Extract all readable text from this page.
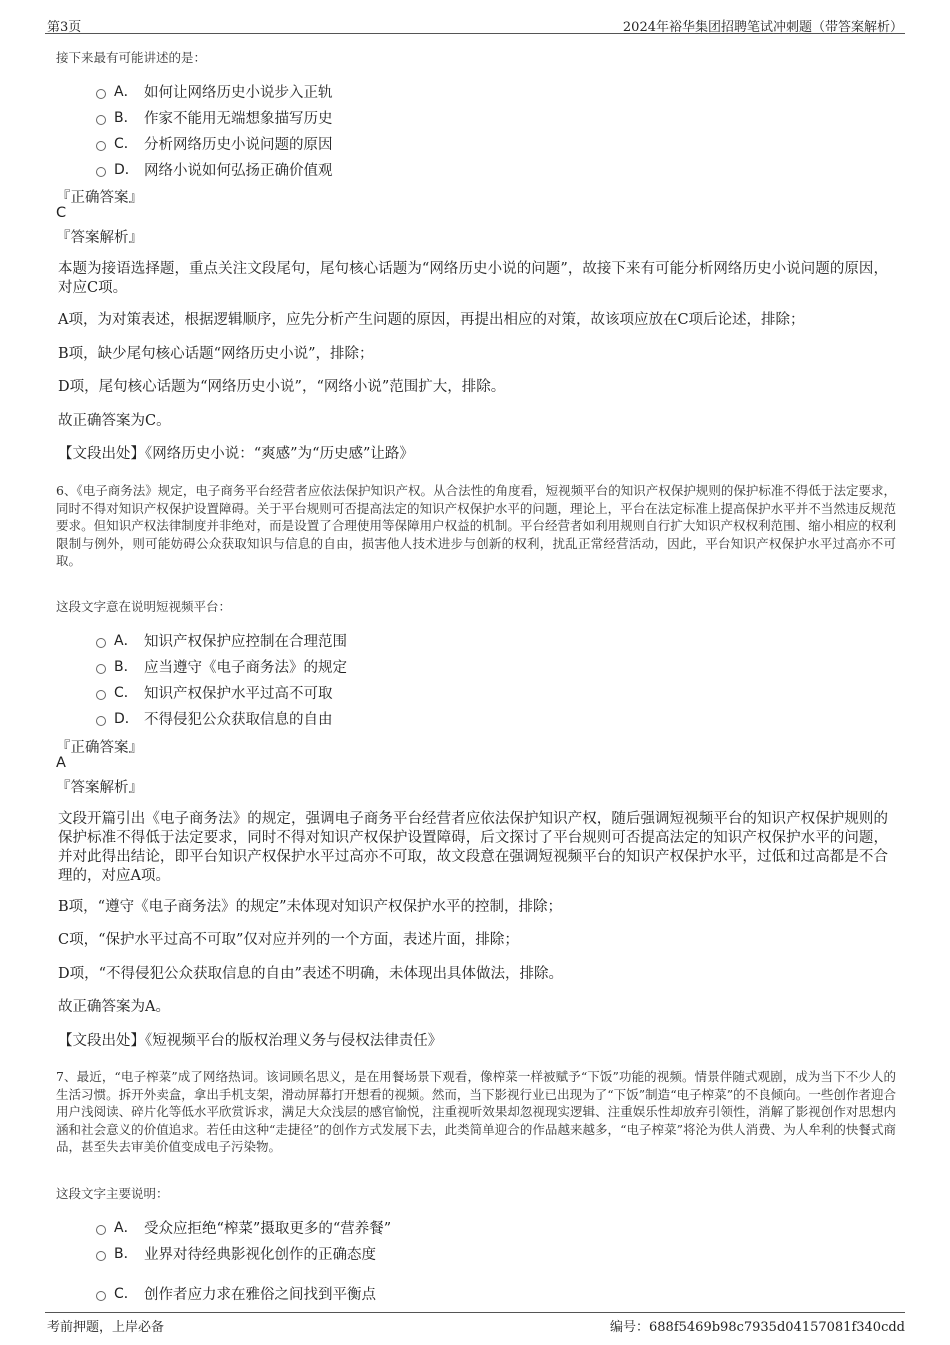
第3页	2024年裕华集团招聘笔试冲刺题（带答案解析）
接下来最有可能讲述的是：
A． 如何让网络历史小说步入正轨
B． 作家不能用无端想象描写历史
C． 分析网络历史小说问题的原因
D． 网络小说如何弘扬正确价值观
『正确答案』
C
『答案解析』
本题为接语选择题，重点关注文段尾句，尾句核心话题为“网络历史小说的问题”，故接下来有可能分析网络历史小说问题的原因，对应C项。
A项，为对策表述，根据逻辑顺序，应先分析产生问题的原因，再提出相应的对策，故该项应放在C项后论述，排除；
B项，缺少尾句核心话题“网络历史小说”，排除；
D项，尾句核心话题为“网络历史小说”，“网络小说”范围扩大，排除。
故正确答案为C。
【文段出处】《网络历史小说：“爽感”为“历史感”让路》
6、《电子商务法》规定，电子商务平台经营者应依法保护知识产权。从合法性的角度看，短视频平台的知识产权保护规则的保护标准不得低于法定要求，同时不得对知识产权保护设置障碍。关于平台规则可否提高法定的知识产权保护水平的问题，理论上，平台在法定标准上提高保护水平并不当然违反规范要求。但知识产权法律制度并非绝对，而是设置了合理使用等保障用户权益的机制。平台经营者如利用规则自行扩大知识产权权利范围、缩小相应的权利限制与例外，则可能妨碍公众获取知识与信息的自由，损害他人技术进步与创新的权利，扰乱正常经营活动，因此，平台知识产权保护水平过高亦不可取。
这段文字意在说明短视频平台：
A． 知识产权保护应控制在合理范围
B． 应当遵守《电子商务法》的规定
C． 知识产权保护水平过高不可取
D． 不得侵犯公众获取信息的自由
『正确答案』
A
『答案解析』
文段开篇引出《电子商务法》的规定，强调电子商务平台经营者应依法保护知识产权，随后强调短视频平台的知识产权保护规则的保护标准不得低于法定要求，同时不得对知识产权保护设置障碍，后文探讨了平台规则可否提高法定的知识产权保护水平的问题，并对此得出结论，即平台知识产权保护水平过高亦不可取，故文段意在强调短视频平台的知识产权保护水平，过低和过高都是不合理的，对应A项。
B项，“遵守《电子商务法》的规定”未体现对知识产权保护水平的控制，排除；
C项，“保护水平过高不可取”仅对应并列的一个方面，表述片面，排除；
D项，“不得侵犯公众获取信息的自由”表述不明确，未体现出具体做法，排除。
故正确答案为A。
【文段出处】《短视频平台的版权治理义务与侵权法律责任》
7、最近，“电子榨菜”成了网络热词。该词顾名思义，是在用餐场景下观看，像榨菜一样被赋予“下饭”功能的视频。情景伴随式观剧，成为当下不少人的生活习惯。拆开外卖盒，拿出手机支架，滑动屏幕打开想看的视频。然而，当下影视行业已出现为了“下饭”制造“电子榨菜”的不良倾向。一些创作者迎合用户浅阅读、碎片化等低水平欣赏诉求，满足大众浅层的感官愉悦，注重视听效果却忽视现实逻辑、注重娱乐性却放弃引领性，消解了影视创作对思想内涵和社会意义的价值追求。若任由这种“走捷径”的创作方式发展下去，此类简单迎合的作品越来越多，“电子榨菜”将沦为供人消费、为人牟利的快餐式商品，甚至失去审美价值变成电子污染物。
这段文字主要说明：
A． 受众应拒绝“榨菜”摄取更多的“营养餐”
B． 业界对待经典影视化创作的正确态度
C． 创作者应力求在雅俗之间找到平衡点
考前押题，上岸必备	编号：688f5469b98c7935d04157081f340cdd
